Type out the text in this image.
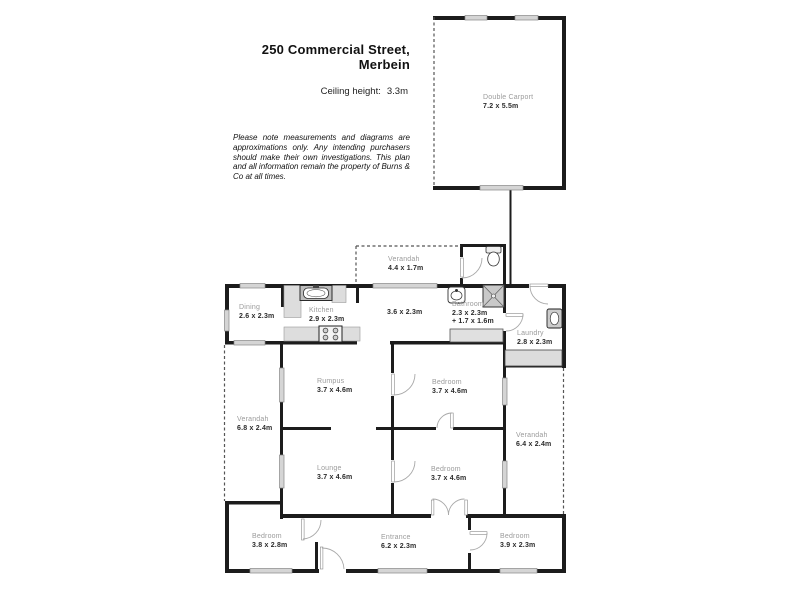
250 Commercial Street,
Merbein
Ceiling height: 3.3m
Please note measurements and diagrams are approximations only. Any intending purchasers should make their own investigations. This plan and all information remain the property of Burns & Co at all times.
Double Carport
7.2 x 5.5m
Verandah
4.4 x 1.7m
Dining
2.6 x 2.3m
Kitchen
2.9 x 2.3m
3.6 x 2.3m
Bathroom
2.3 x 2.3m
+ 1.7 x 1.6m
Laundry
2.8 x 2.3m
Verandah
6.8 x 2.4m
Rumpus
3.7 x 4.6m
Bedroom
3.7 x 4.6m
Lounge
3.7 x 4.6m
Bedroom
3.7 x 4.6m
Verandah
6.4 x 2.4m
Bedroom
3.8 x 2.8m
Entrance
6.2 x 2.3m
Bedroom
3.9 x 2.3m
